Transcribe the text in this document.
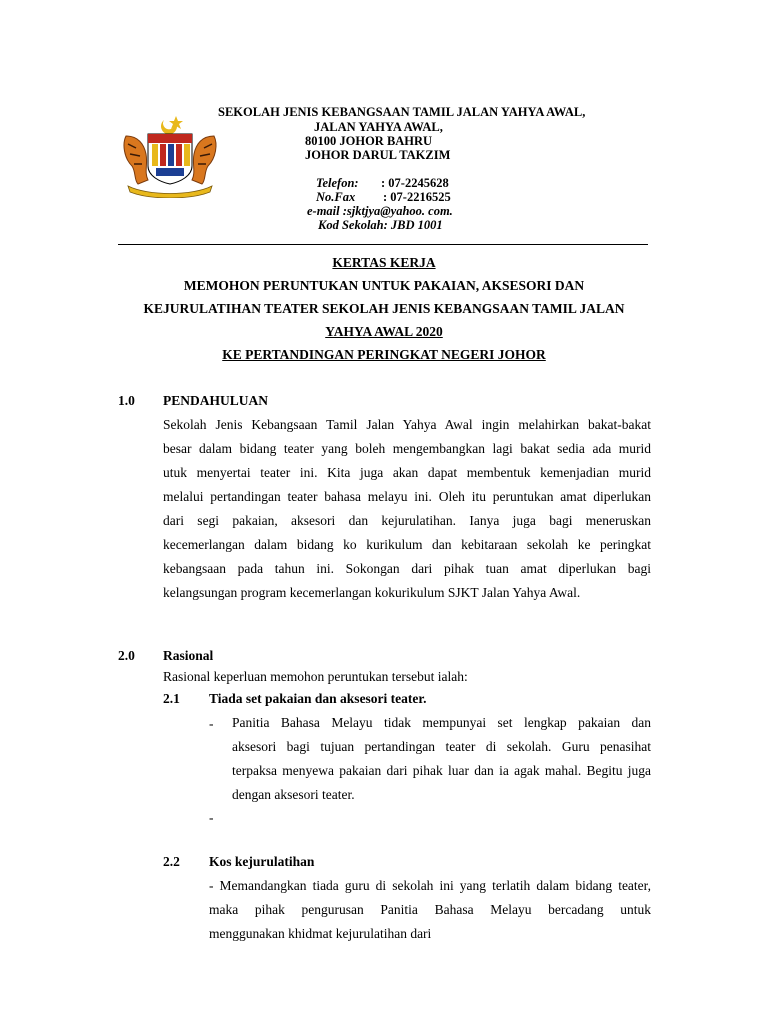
SEKOLAH JENIS KEBANGSAAN TAMIL JALAN YAHYA AWAL,
JALAN YAHYA AWAL,
80100 JOHOR BAHRU
JOHOR DARUL TAKZIM
Telefon: : 07-2245628
No.Fax : 07-2216525
e-mail :sjktjya@yahoo. com.
Kod Sekolah: JBD 1001
KERTAS KERJA
MEMOHON PERUNTUKAN UNTUK PAKAIAN, AKSESORI DAN
KEJURULATIHAN TEATER SEKOLAH JENIS KEBANGSAAN TAMIL JALAN
YAHYA AWAL 2020
KE PERTANDINGAN PERINGKAT NEGERI JOHOR
1.0 PENDAHULUAN
Sekolah Jenis Kebangsaan Tamil Jalan Yahya Awal ingin melahirkan bakat-bakat
besar dalam bidang teater yang boleh mengembangkan lagi bakat sedia ada murid
utuk menyertai teater ini. Kita juga akan dapat membentuk kemenjadian murid
melalui pertandingan teater bahasa melayu ini. Oleh itu peruntukan amat diperlukan
dari segi pakaian, aksesori dan kejurulatihan. Ianya juga bagi meneruskan
kecemerlangan dalam bidang ko kurikulum dan kebitaraan sekolah ke peringkat
kebangsaan pada tahun ini. Sokongan dari pihak tuan amat diperlukan bagi
kelangsungan program kecemerlangan kokurikulum SJKT Jalan Yahya Awal.
2.0 Rasional
Rasional keperluan memohon peruntukan tersebut ialah:
2.1 Tiada set pakaian dan aksesori teater.
- Panitia Bahasa Melayu tidak mempunyai set lengkap pakaian dan
aksesori bagi tujuan pertandingan teater di sekolah. Guru penasihat
terpaksa menyewa pakaian dari pihak luar dan ia agak mahal. Begitu juga
dengan aksesori teater.
-
2.2 Kos kejurulatihan
- Memandangkan tiada guru di sekolah ini yang terlatih dalam bidang teater,
maka pihak pengurusan Panitia Bahasa Melayu bercadang untuk
menggunakan khidmat kejurulatihan dari
